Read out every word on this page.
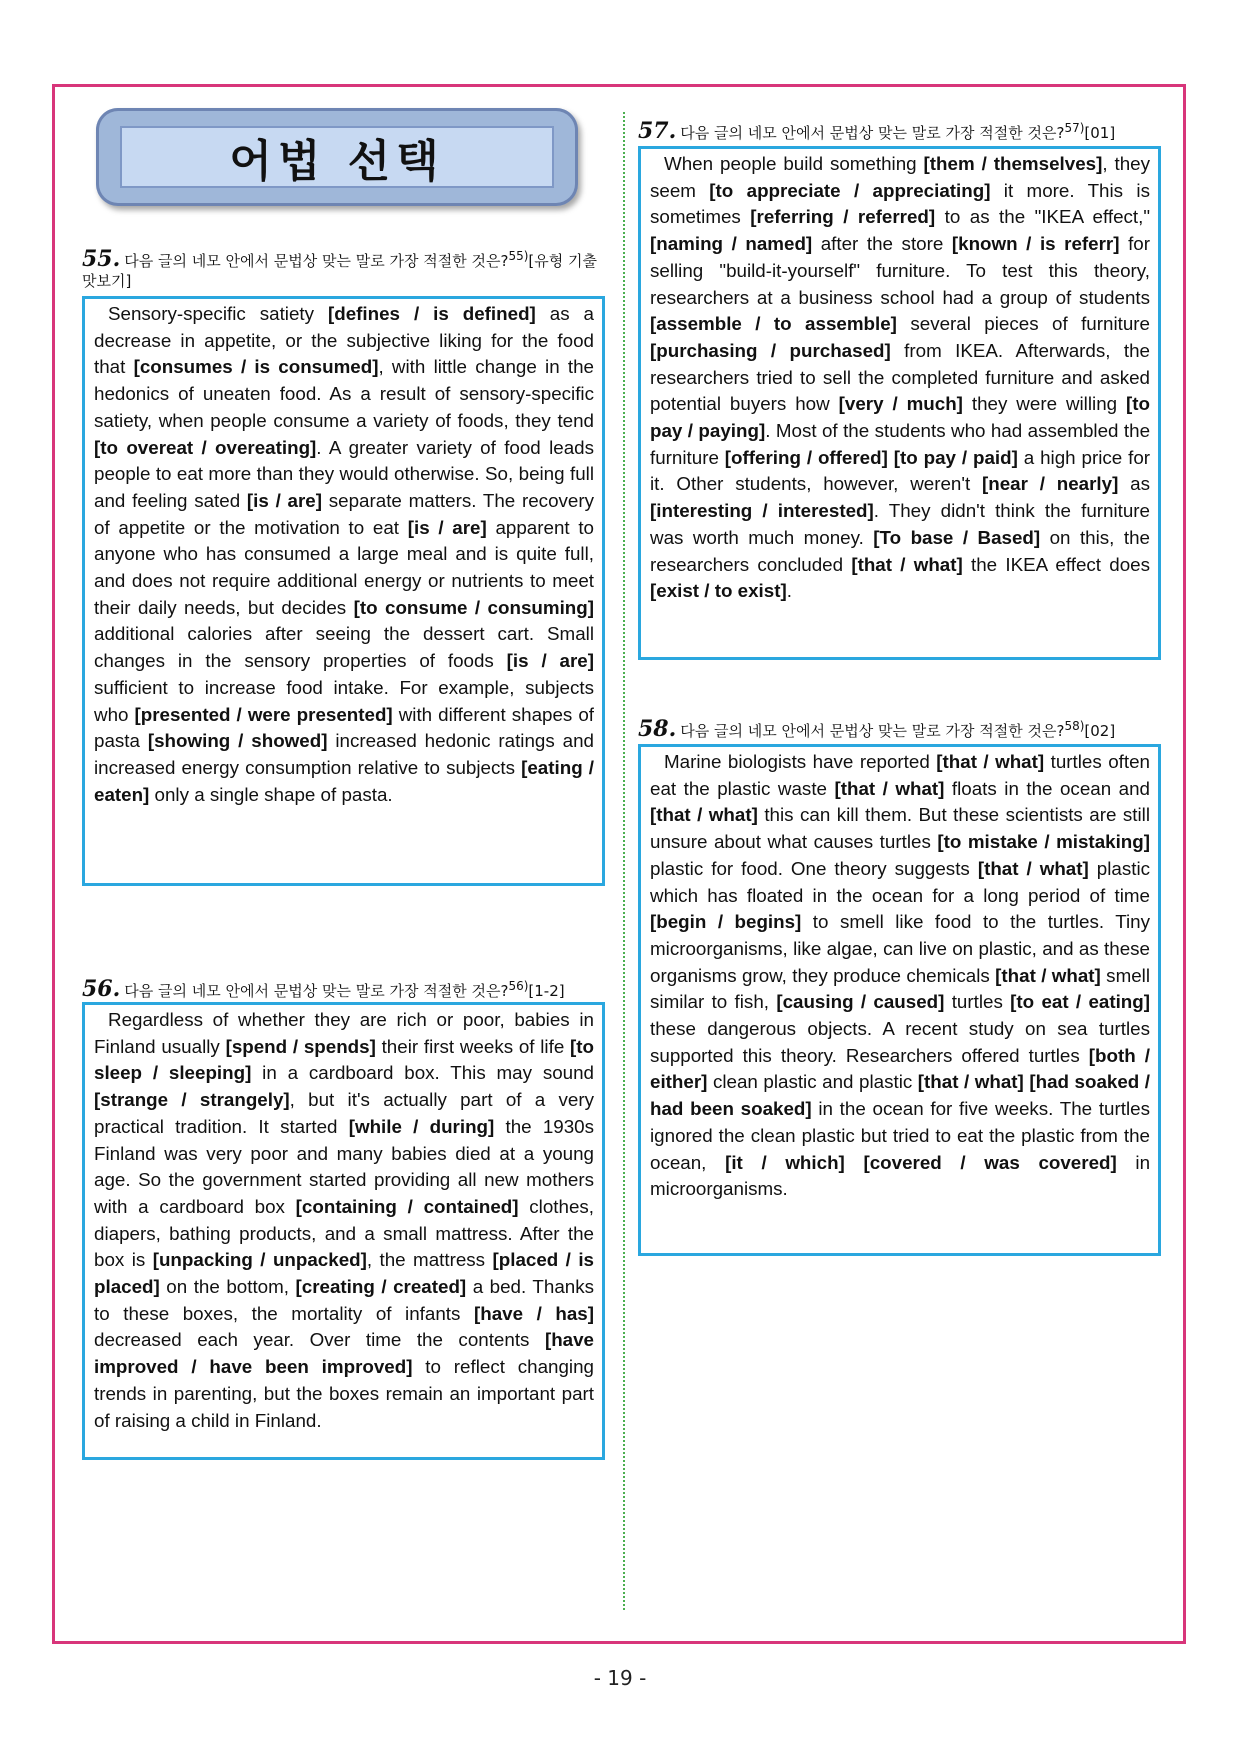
어법 선택
55. 다음 글의 네모 안에서 문법상 맞는 말로 가장 적절한 것은?$^{55)}$[유형 기출 맛보기]

Sensory-specific satiety [defines / is defined] as a decrease in appetite, or the subjective liking for the food that [consumes / is consumed], with little change in the hedonics of uneaten food. As a result of sensory-specific satiety, when people consume a variety of foods, they tend [to overeat / overeating]. A greater variety of food leads people to eat more than they would otherwise. So, being full and feeling sated [is / are] separate matters. The recovery of appetite or the motivation to eat [is / are] apparent to anyone who has consumed a large meal and is quite full, and does not require additional energy or nutrients to meet their daily needs, but decides [to consume / consuming] additional calories after seeing the dessert cart. Small changes in the sensory properties of foods [is / are] sufficient to increase food intake. For example, subjects who [presented / were presented] with different shapes of pasta [showing / showed] increased hedonic ratings and increased energy consumption relative to subjects [eating / eaten] only a single shape of pasta.

56. 다음 글의 네모 안에서 문법상 맞는 말로 가장 적절한 것은?$^{56)}$[1-2]

Regardless of whether they are rich or poor, babies in Finland usually [spend / spends] their first weeks of life [to sleep / sleeping] in a cardboard box. This may sound [strange / strangely], but it's actually part of a very practical tradition. It started [while / during] the 1930s Finland was very poor and many babies died at a young age. So the government started providing all new mothers with a cardboard box [containing / contained] clothes, diapers, bathing products, and a small mattress. After the box is [unpacking / unpacked], the mattress [placed / is placed] on the bottom, [creating / created] a bed. Thanks to these boxes, the mortality of infants [have / has] decreased each year. Over time the contents [have improved / have been improved] to reflect changing trends in parenting, but the boxes remain an important part of raising a child in Finland.

57. 다음 글의 네모 안에서 문법상 맞는 말로 가장 적절한 것은?$^{57)}$[01]

When people build something [them / themselves], they seem [to appreciate / appreciating] it more. This is sometimes [referring / referred] to as the "IKEA effect," [naming / named] after the store [known / is referr] for selling "build-it-yourself" furniture. To test this theory, researchers at a business school had a group of students [assemble / to assemble] several pieces of furniture [purchasing / purchased] from IKEA. Afterwards, the researchers tried to sell the completed furniture and asked potential buyers how [very / much] they were willing [to pay / paying]. Most of the students who had assembled the furniture [offering / offered] [to pay / paid] a high price for it. Other students, however, weren't [near / nearly] as [interesting / interested]. They didn't think the furniture was worth much money. [To base / Based] on this, the researchers concluded [that / what] the IKEA effect does [exist / to exist].

58. 다음 글의 네모 안에서 문법상 맞는 말로 가장 적절한 것은?$^{58)}$[02]

Marine biologists have reported [that / what] turtles often eat the plastic waste [that / what] floats in the ocean and [that / what] this can kill them. But these scientists are still unsure about what causes turtles [to mistake / mistaking] plastic for food. One theory suggests [that / what] plastic which has floated in the ocean for a long period of time [begin / begins] to smell like food to the turtles. Tiny microorganisms, like algae, can live on plastic, and as these organisms grow, they produce chemicals [that / what] smell similar to fish, [causing / caused] turtles [to eat / eating] these dangerous objects. A recent study on sea turtles supported this theory. Researchers offered turtles [both / either] clean plastic and plastic [that / what] [had soaked / had been soaked] in the ocean for five weeks. The turtles ignored the clean plastic but tried to eat the plastic from the ocean, [it / which] [covered / was covered] in microorganisms.

- 19 -
